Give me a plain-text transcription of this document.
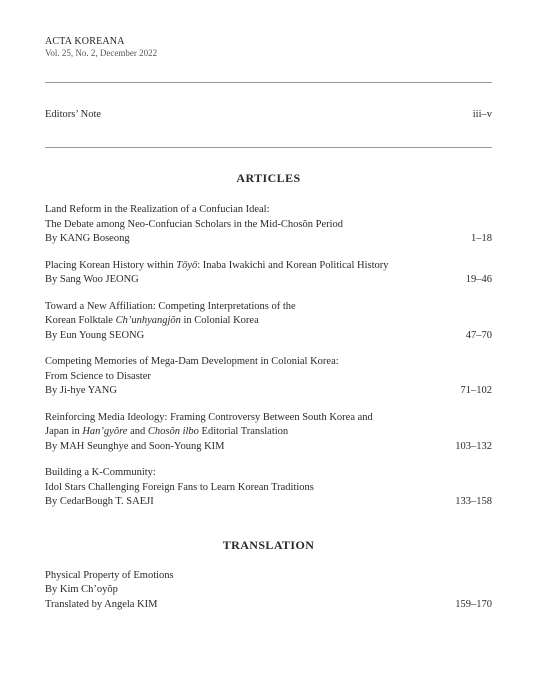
ACTA KOREANA
Vol. 25, No. 2, December 2022
Editors’ Note	iii–v
ARTICLES
Land Reform in the Realization of a Confucian Ideal:
The Debate among Neo-Confucian Scholars in the Mid-Chosŏn Period
By KANG Boseong	1–18
Placing Korean History within Tōyō: Inaba Iwakichi and Korean Political History
By Sang Woo JEONG	19–46
Toward a New Affiliation: Competing Interpretations of the
Korean Folktale Ch’unhyangjŏn in Colonial Korea
By Eun Young SEONG	47–70
Competing Memories of Mega-Dam Development in Colonial Korea:
From Science to Disaster
By Ji-hye YANG	71–102
Reinforcing Media Ideology: Framing Controversy Between South Korea and
Japan in Han’gyŏre and Chosŏn ilbo Editorial Translation
By MAH Seunghye and Soon-Young KIM	103–132
Building a K-Community:
Idol Stars Challenging Foreign Fans to Learn Korean Traditions
By CedarBough T. SAEJI	133–158
TRANSLATION
Physical Property of Emotions
By Kim Ch’oyŏp
Translated by Angela KIM	159–170
